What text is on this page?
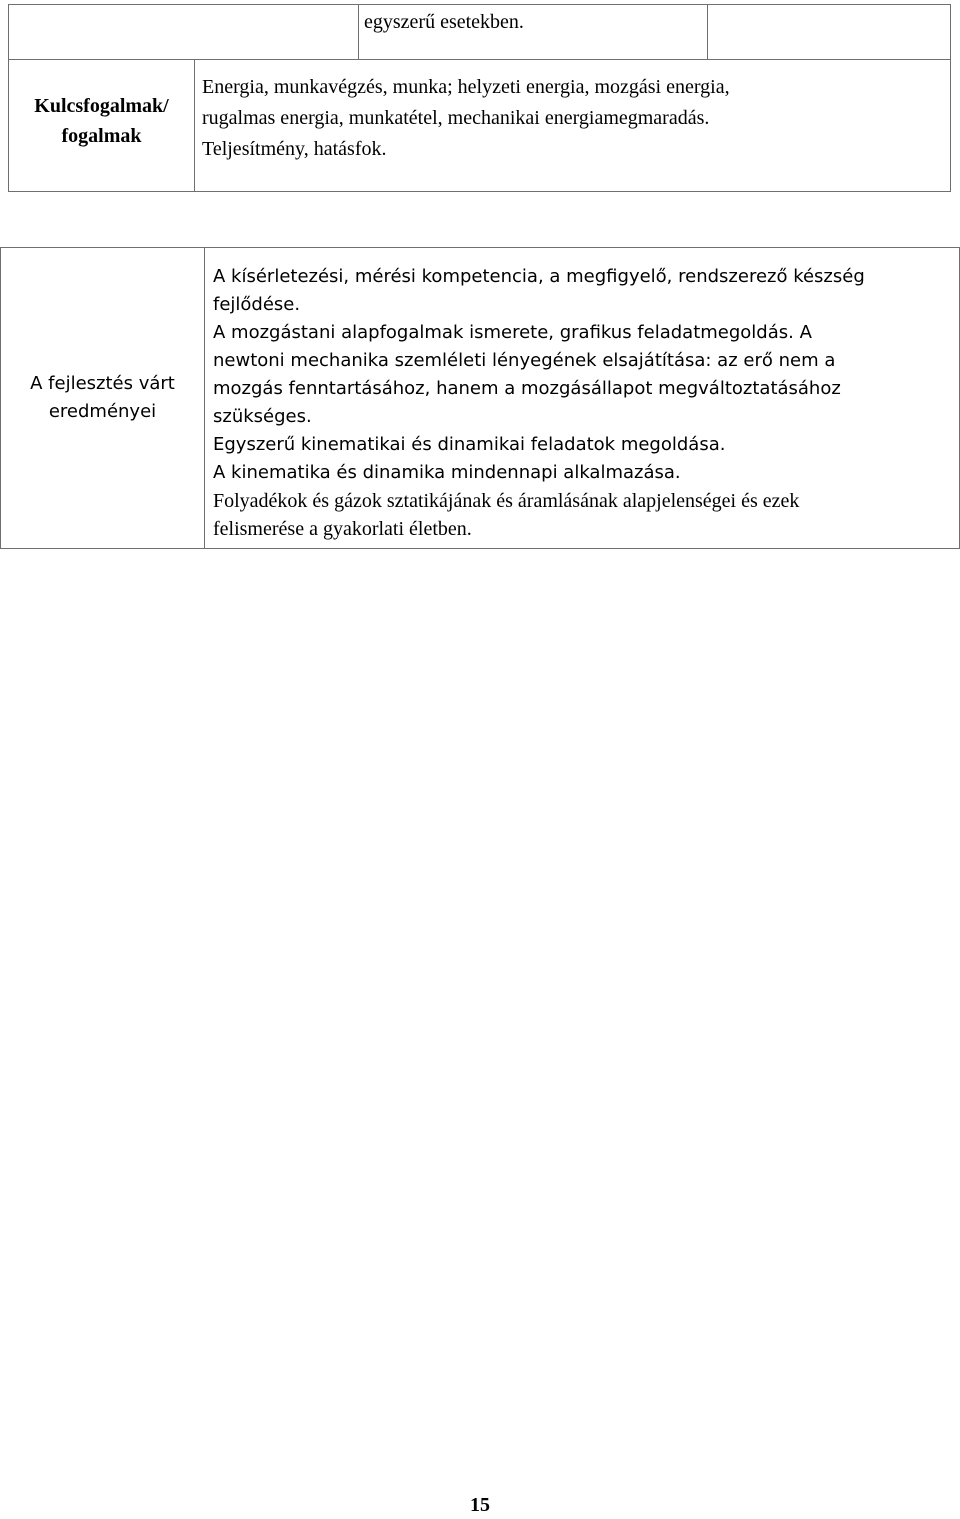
egyszerű esetekben.
Kulcsfogalmak/
fogalmak
Energia, munkavégzés, munka; helyzeti energia, mozgási energia,
rugalmas energia, munkatétel, mechanikai energiamegmaradás.
Teljesítmény, hatásfok.
A fejlesztés várt
eredményei
A kísérletezési, mérési kompetencia, a megfigyelő, rendszerező készség
fejlődése.
A mozgástani alapfogalmak ismerete, grafikus feladatmegoldás. A
newtoni mechanika szemléleti lényegének elsajátítása: az erő nem a
mozgás fenntartásához, hanem a mozgásállapot megváltoztatásához
szükséges.
Egyszerű kinematikai és dinamikai feladatok megoldása.
A kinematika és dinamika mindennapi alkalmazása.
Folyadékok és gázok sztatikájának és áramlásának alapjelenségei és ezek
felismerése a gyakorlati életben.
15
